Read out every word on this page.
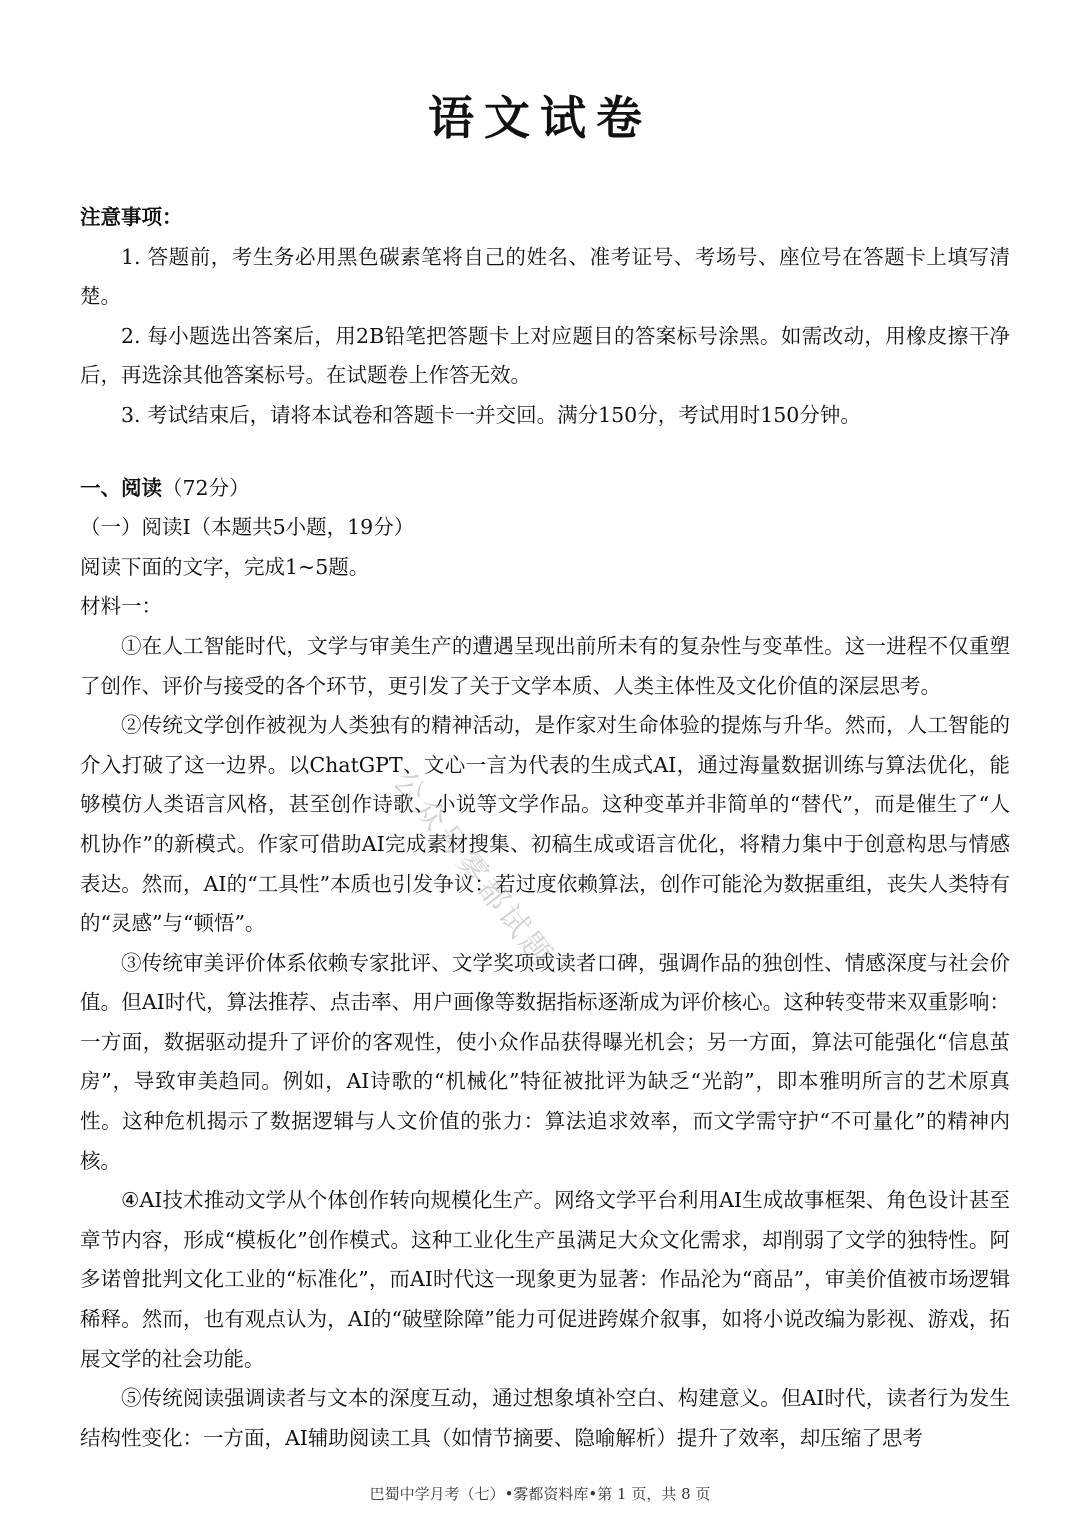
语文试卷

注意事项：

1. 答题前，考生务必用黑色碳素笔将自己的姓名、准考证号、考场号、座位号在答题卡上填写清楚。

2. 每小题选出答案后，用2B铅笔把答题卡上对应题目的答案标号涂黑。如需改动，用橡皮擦干净后，再选涂其他答案标号。在试题卷上作答无效。

3. 考试结束后，请将本试卷和答题卡一并交回。满分150分，考试用时150分钟。

一、阅读（72分）

（一）阅读Ⅰ（本题共5小题，19分）

阅读下面的文字，完成1~5题。

材料一：

①在人工智能时代，文学与审美生产的遭遇呈现出前所未有的复杂性与变革性。这一进程不仅重塑了创作、评价与接受的各个环节，更引发了关于文学本质、人类主体性及文化价值的深层思考。

②传统文学创作被视为人类独有的精神活动，是作家对生命体验的提炼与升华。然而，人工智能的介入打破了这一边界。以ChatGPT、文心一言为代表的生成式AI，通过海量数据训练与算法优化，能够模仿人类语言风格，甚至创作诗歌、小说等文学作品。这种变革并非简单的“替代”，而是催生了“人机协作”的新模式。作家可借助AI完成素材搜集、初稿生成或语言优化，将精力集中于创意构思与情感表达。然而，AI的“工具性”本质也引发争议：若过度依赖算法，创作可能沦为数据重组，丧失人类特有的“灵感”与“顿悟”。

③传统审美评价体系依赖专家批评、文学奖项或读者口碑，强调作品的独创性、情感深度与社会价值。但AI时代，算法推荐、点击率、用户画像等数据指标逐渐成为评价核心。这种转变带来双重影响：一方面，数据驱动提升了评价的客观性，使小众作品获得曝光机会；另一方面，算法可能强化“信息茧房”，导致审美趋同。例如，AI诗歌的“机械化”特征被批评为缺乏“光韵”，即本雅明所言的艺术原真性。这种危机揭示了数据逻辑与人文价值的张力：算法追求效率，而文学需守护“不可量化”的精神内核。

④AI技术推动文学从个体创作转向规模化生产。网络文学平台利用AI生成故事框架、角色设计甚至章节内容，形成“模板化”创作模式。这种工业化生产虽满足大众文化需求，却削弱了文学的独特性。阿多诺曾批判文化工业的“标准化”，而AI时代这一现象更为显著：作品沦为“商品”，审美价值被市场逻辑稀释。然而，也有观点认为，AI的“破壁除障”能力可促进跨媒介叙事，如将小说改编为影视、游戏，拓展文学的社会功能。

⑤传统阅读强调读者与文本的深度互动，通过想象填补空白、构建意义。但AI时代，读者行为发生结构性变化：一方面，AI辅助阅读工具（如情节摘要、隐喻解析）提升了效率，却压缩了思考

公众号雾都试题
巴蜀中学月考（七）•雾都资料库•第 1 页，共 8 页
